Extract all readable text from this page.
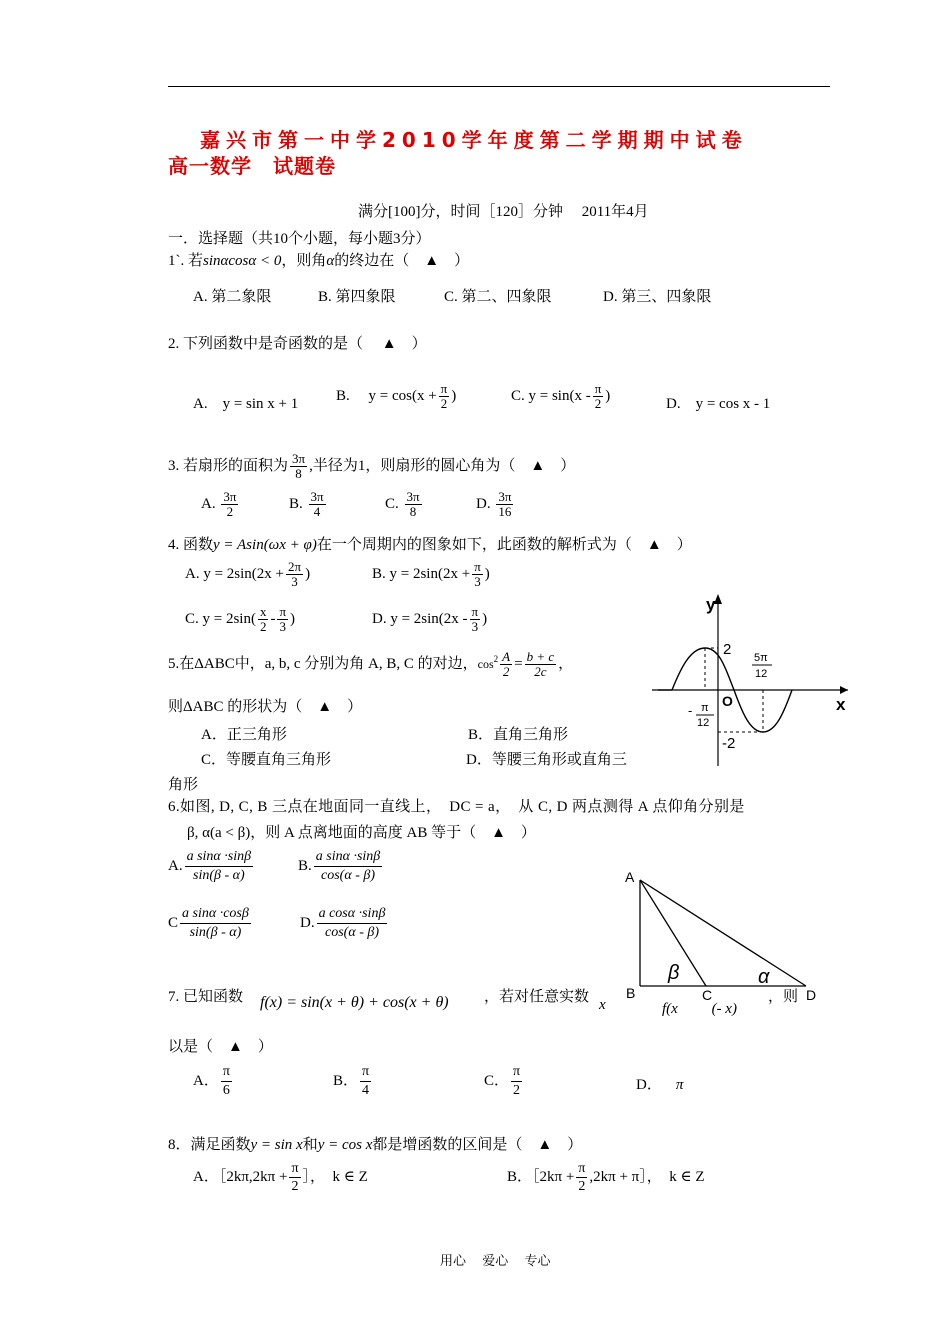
嘉兴市第一中学2010学年度第二学期期中试卷
高一数学　试题卷
满分[100]分，时间［120］分钟　 2011年4月
一．选择题（共10个小题，每小题3分）
1`. 若sinαcosα < 0，则角α的终边在（　▲　）
A. 第二象限	B. 第四象限	C. 第二、四象限	D. 第三、四象限
2. 下列函数中是奇函数的是（　 ▲　）
A.　y = sin x + 1
B.　 $y = \cos(x + \frac{\pi}{2}$ )	C. $y = \sin(x - \frac{\pi}{2}$ )
D.　y = cos x - 1
3. 若扇形的面积为 $\frac{3\pi}{8}$ ,半径为1，则扇形的圆心角为（　▲　）
A. $\frac{3\pi}{2}$	B. $\frac{3\pi}{4}$	C. $\frac{3\pi}{8}$	D. $\frac{3\pi}{16}$
4. 函数y = Asin(ωx + φ)在一个周期内的图象如下，此函数的解析式为（　▲　）
A. $y = 2\sin(2x + \frac{2\pi}{3}$ )	B. $y = 2\sin(2x + \frac{\pi}{3}$ )
C. $y = 2\sin( \frac{x}{2} - \frac{\pi}{3}$ )	D. $y = 2\sin(2x - \frac{\pi}{3}$ )
y
x
O
2
-2
- π
12
5π
12
5.在ΔABC中，a, b, c 分别为角 A, B, C 的对边，$\cos^2 \frac{A}{2} = \frac{b + c}{2c}$ ，
则ΔABC 的形状为（　▲　）
A．正三角形	B．直角三角形
C．等腰直角三角形	D．等腰三角形或直角三
角形
6.如图, D, C, B 三点在地面同一直线上，　DC = a，　从 C, D 两点测得 A 点仰角分别是
β, α(a < β)，则 A 点离地面的高度 AB 等于（　▲　）
A. $\frac{\text{a sinα ·sinβ}}{\sin(\beta - \alpha)}$	B. $\frac{\text{a sinα ·sinβ}}{\cos(\alpha - \beta)}$
C $\frac{\text{a sinα ·cosβ}}{\sin(\beta - \alpha)}$	D. $\frac{\text{a cosα ·sinβ}}{\cos(\alpha - \beta)}$
A
B	C	D
β	α
7. 已知函数 f(x) = sin(x + θ) + cos(x + θ) ，若对任意实数 x	f(x　　 (- x)
，则
以是（　▲　）
A． $\frac{\pi}{6}$	B． $\frac{\pi}{4}$	C． $\frac{\pi}{2}$	D． π
8．满足函数y = sin x和y = cos x都是增函数的区间是（　▲　）
A．［2kπ,2kπ + $\frac{\pi}{2}$ ］，　k ∈ Z	B．［2kπ + $\frac{\pi}{2} ,2k\pi$ + π］，　k ∈ Z
用心　 爱心　 专心
